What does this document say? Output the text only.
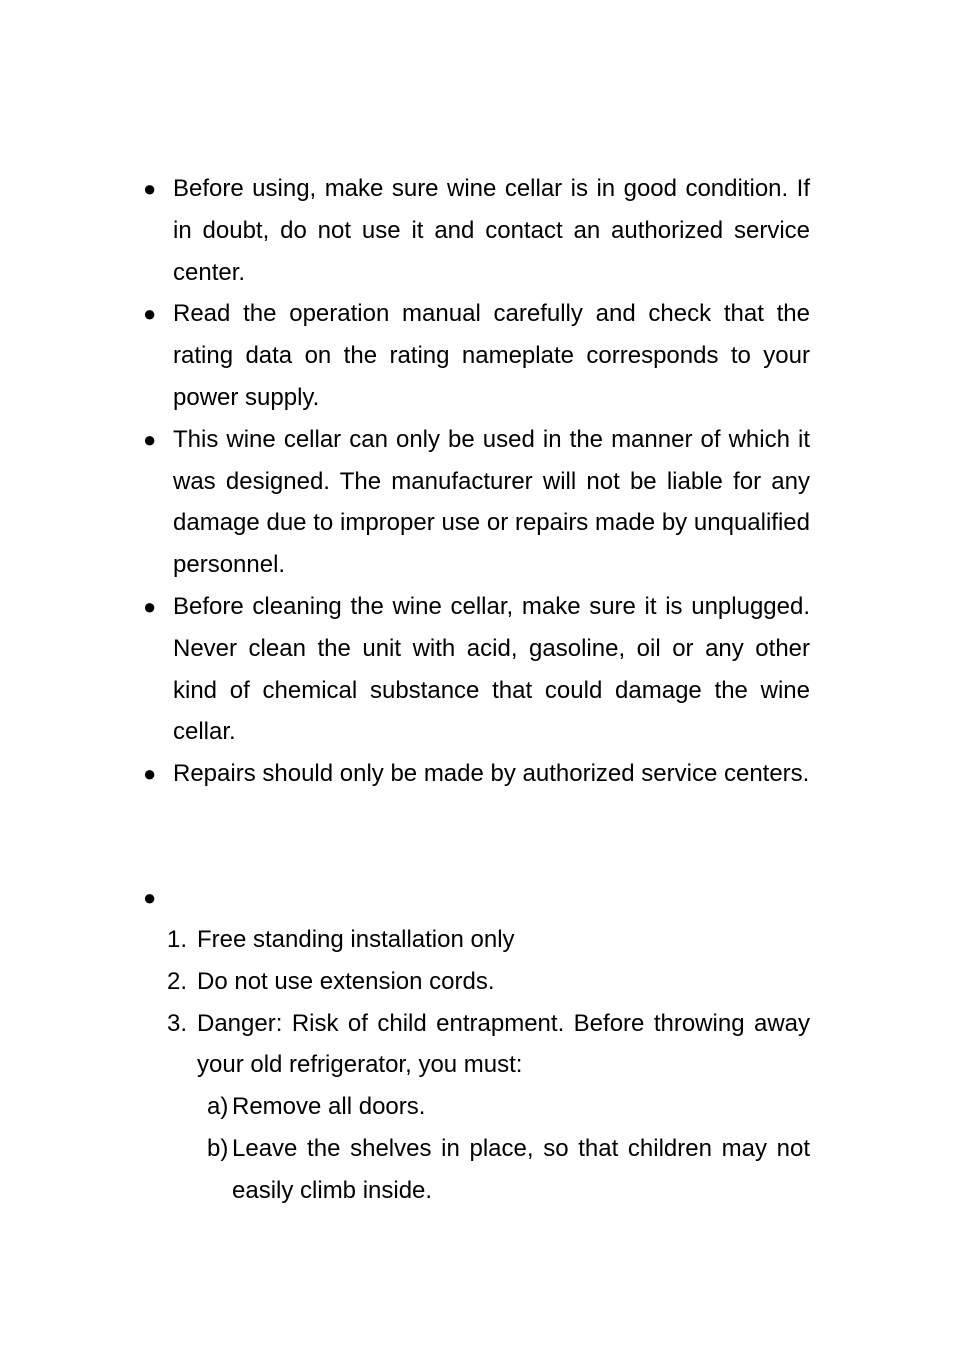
● Before using, make sure wine cellar is in good condition. If in doubt, do not use it and contact an authorized service center.
● Read the operation manual carefully and check that the rating data on the rating nameplate corresponds to your power supply.
● This wine cellar can only be used in the manner of which it was designed. The manufacturer will not be liable for any damage due to improper use or repairs made by unqualified personnel.
● Before cleaning the wine cellar, make sure it is unplugged.   Never clean the unit with acid, gasoline, oil or any other kind of chemical substance that could damage the wine cellar.
● Repairs should only be made by authorized service centers.
●
1. Free standing installation only
2. Do not use extension cords.
3. Danger: Risk of child entrapment. Before throwing away your old refrigerator, you must:
a) Remove all doors.
b) Leave the shelves in place, so that children may not easily climb inside.
